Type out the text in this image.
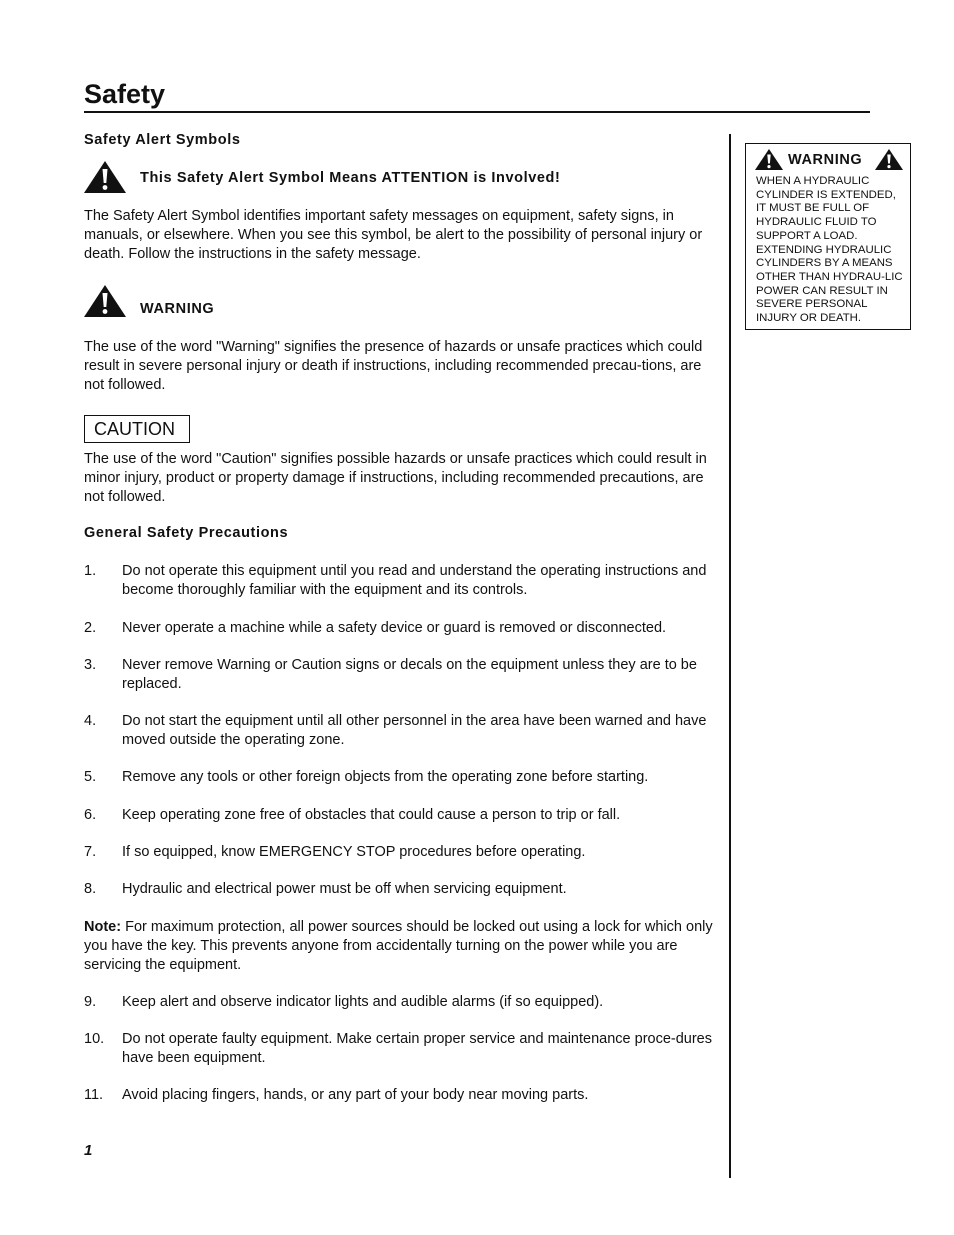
Safety
Safety Alert Symbols
This Safety Alert Symbol Means ATTENTION is Involved!
The Safety Alert Symbol identifies important safety messages on equipment, safety signs, in manuals, or elsewhere. When you see this symbol, be alert to the possibility of personal injury or death. Follow the instructions in the safety message.
WARNING
The use of the word "Warning" signifies the presence of hazards or unsafe practices which could result in severe personal injury or death if instructions, including recommended precau-tions, are not followed.
CAUTION
The use of the word "Caution" signifies possible hazards or unsafe practices which could result in minor injury, product or property damage if instructions, including recommended precautions, are not followed.
General Safety Precautions
1. Do not operate this equipment until you read and understand the operating instructions and become thoroughly familiar with the equipment and its controls.
2. Never operate a machine while a safety device or guard is removed or disconnected.
3. Never remove Warning or Caution signs or decals on the equipment unless they are to be replaced.
4. Do not start the equipment until all other personnel in the area have been warned and have moved outside the operating zone.
5. Remove any tools or other foreign objects from the operating zone before starting.
6. Keep operating zone free of obstacles that could cause a person to trip or fall.
7. If so equipped, know EMERGENCY STOP procedures before operating.
8. Hydraulic and electrical power must be off when servicing equipment.
Note: For maximum protection, all power sources should be locked out using a lock for which only you have the key. This prevents anyone from accidentally turning on the power while you are servicing the equipment.
9. Keep alert and observe indicator lights and audible alarms (if so equipped).
10. Do not operate faulty equipment. Make certain proper service and maintenance proce-dures have been equipment.
11. Avoid placing fingers, hands, or any part of your body near moving parts.
1
WARNING

WHEN A HYDRAULIC CYLINDER IS EXTENDED, IT MUST BE FULL OF HYDRAULIC FLUID TO SUPPORT A LOAD. EXTENDING HYDRAULIC CYLINDERS BY A MEANS OTHER THAN HYDRAU-LIC POWER CAN RESULT IN SEVERE PERSONAL INJURY OR DEATH.
